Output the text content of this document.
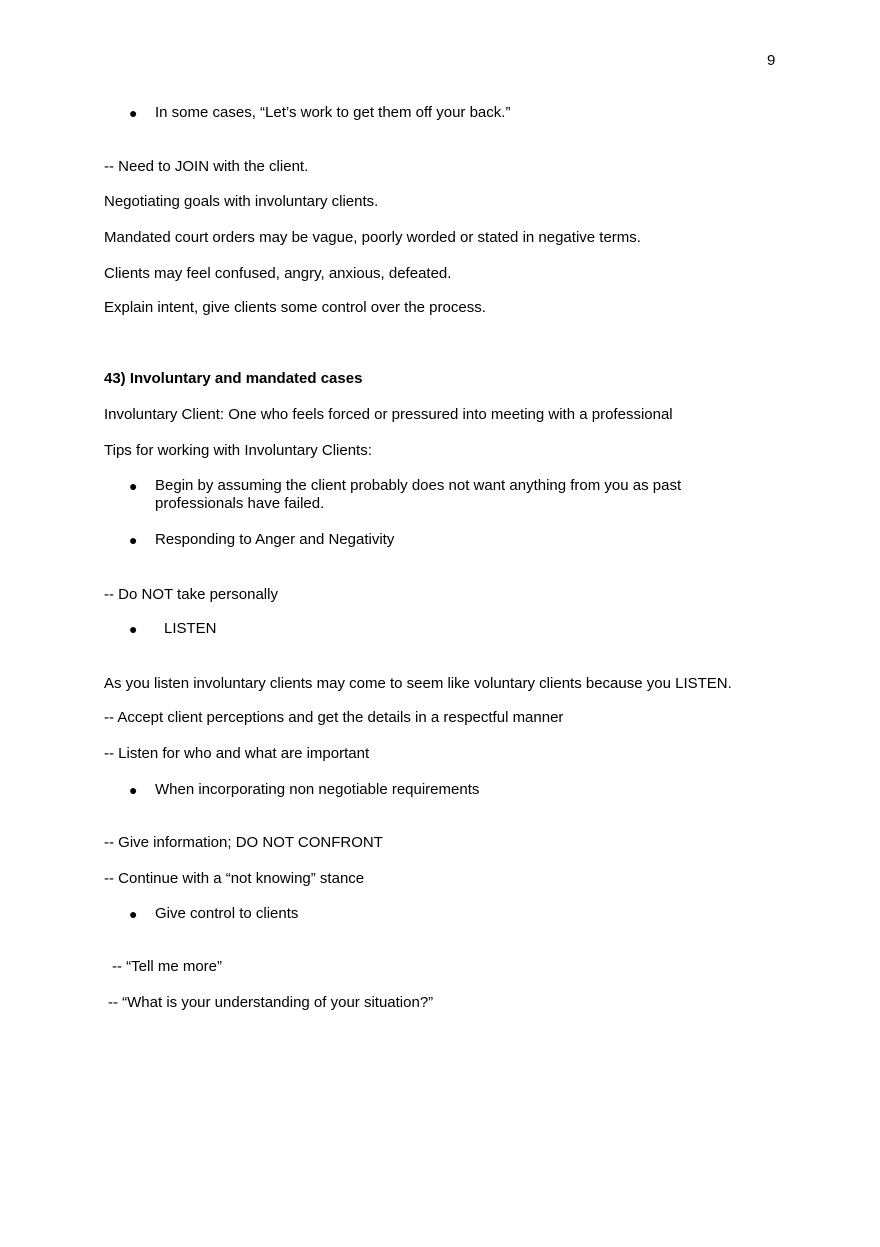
9
● In some cases, “Let’s work to get them off your back.”
-- Need to JOIN with the client.
Negotiating goals with involuntary clients.
Mandated court orders may be vague, poorly worded or stated in negative terms.
Clients may feel confused, angry, anxious, defeated.
Explain intent, give clients some control over the process.
43) Involuntary and mandated cases
Involuntary Client: One who feels forced or pressured into meeting with a professional
Tips for working with Involuntary Clients:
● Begin by assuming the client probably does not want anything from you as past
professionals have failed.
● Responding to Anger and Negativity
-- Do NOT take personally
● LISTEN
As you listen involuntary clients may come to seem like voluntary clients because you LISTEN.
-- Accept client perceptions and get the details in a respectful manner
-- Listen for who and what are important
● When incorporating non negotiable requirements
-- Give information; DO NOT CONFRONT
-- Continue with a “not knowing” stance
● Give control to clients
-- “Tell me more”
-- “What is your understanding of your situation?”
